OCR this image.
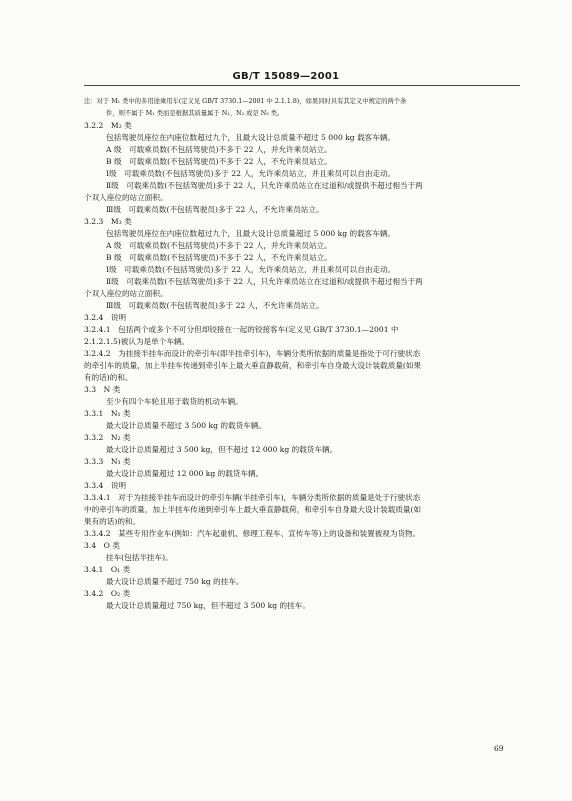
GB/T 15089—2001
注：对于 M₁ 类中的多用途乘用车(定义见 GB/T 3730.1—2001 中 2.1.1.8)，如果同时具有其定义中规定的两个条
件，则不属于 M₁ 类而是根据其质量属于 N₁、N₂ 或是 N₃ 类。
3.2.2　M₂ 类
包括驾驶员座位在内座位数超过九个，且最大设计总质量不超过 5 000 kg 载客车辆。
A 级　可载乘员数(不包括驾驶员)不多于 22 人，并允许乘员站立。
B 级　可载乘员数(不包括驾驶员)不多于 22 人，不允许乘员站立。
Ⅰ级　可载乘员数(不包括驾驶员)多于 22 人，允许乘员站立，并且乘员可以自由走动。
Ⅱ级　可载乘员数(不包括驾驶员)多于 22 人，只允许乘员站立在过道和/或提供不超过相当于两
个双人座位的站立面积。
Ⅲ级　可载乘员数(不包括驾驶员)多于 22 人，不允许乘员站立。
3.2.3　M₃ 类
包括驾驶员座位在内座位数超过九个，且最大设计总质量超过 5 000 kg 的载客车辆。
A 级　可载乘员数(不包括驾驶员)不多于 22 人，并允许乘员站立。
B 级　可载乘员数(不包括驾驶员)不多于 22 人，不允许乘员站立。
Ⅰ级　可载乘员数(不包括驾驶员)多于 22 人，允许乘员站立，并且乘员可以自由走动。
Ⅱ级　可载乘员数(不包括驾驶员)多于 22 人，只允许乘员站立在过道和/或提供不超过相当于两
个双人座位的站立面积。
Ⅲ级　可载乘员数(不包括驾驶员)多于 22 人，不允许乘员站立。
3.2.4　说明
3.2.4.1　包括两个或多个不可分但却铰接在一起的铰接客车(定义见 GB/T 3730.1—2001 中
2.1.2.1.5)被认为是单个车辆。
3.2.4.2　为挂接半挂车而设计的牵引车(即半挂牵引车)，车辆分类所依据的质量是指处于可行驶状态
的牵引车的质量，加上半挂车传递到牵引车上最大垂直静载荷，和牵引车自身最大设计装载质量(如果
有的话)的和。
3.3　N 类
至少有四个车轮且用于载货的机动车辆。
3.3.1　N₁ 类
最大设计总质量不超过 3 500 kg 的载货车辆。
3.3.2　N₂ 类
最大设计总质量超过 3 500 kg，但不超过 12 000 kg 的载货车辆。
3.3.3　N₃ 类
最大设计总质量超过 12 000 kg 的载货车辆。
3.3.4　说明
3.3.4.1　对于为挂接半挂车而设计的牵引车辆(半挂牵引车)，车辆分类所依据的质量是处于行驶状态
中的牵引车的质量，加上半挂车传递到牵引车上最大垂直静载荷，和牵引车自身最大设计装载质量(如
果有的话)的和。
3.3.4.2　某些专用作业车(例如：汽车起重机、修理工程车、宣传车等)上的设备和装置被视为货物。
3.4　O 类
挂车(包括半挂车)。
3.4.1　O₁ 类
最大设计总质量不超过 750 kg 的挂车。
3.4.2　O₂ 类
最大设计总质量超过 750 kg，但不超过 3 500 kg 的挂车。
69
